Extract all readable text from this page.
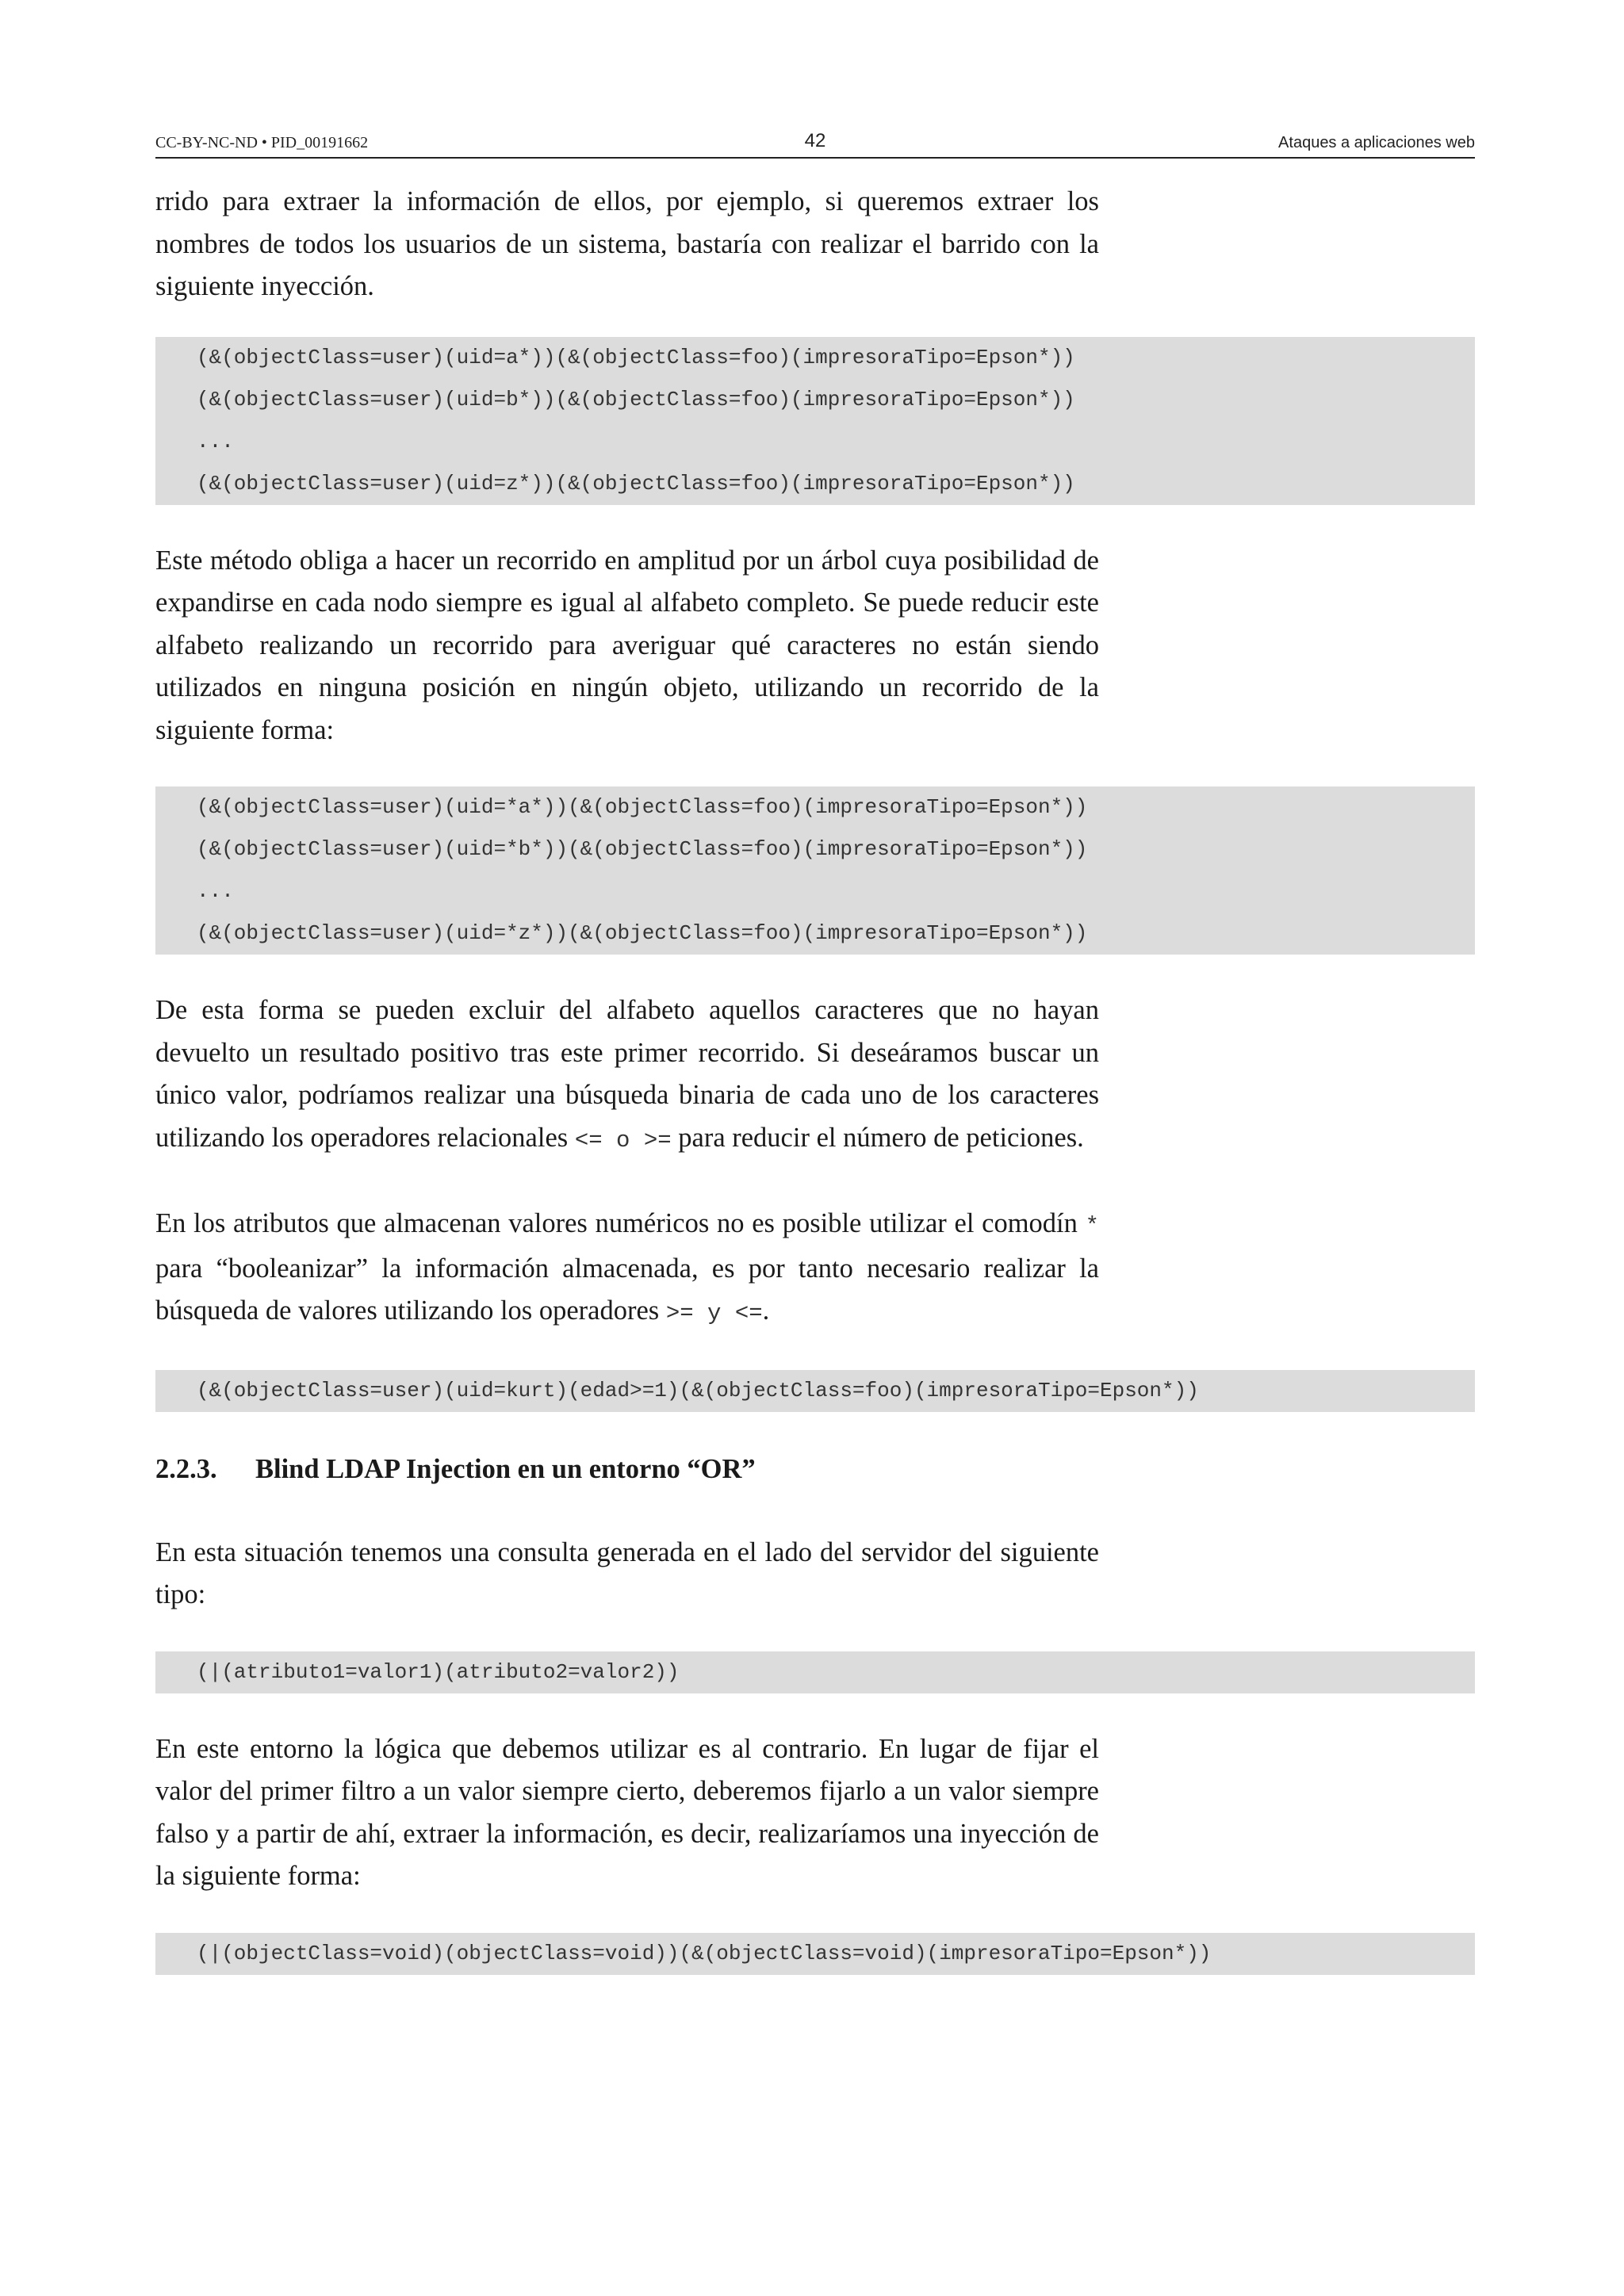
CC-BY-NC-ND • PID_00191662	42	Ataques a aplicaciones web

rrido para extraer la información de ellos, por ejemplo, si queremos extraer los nombres de todos los usuarios de un sistema, bastaría con realizar el barrido con la siguiente inyección.

(&(objectClass=user)(uid=a*))(&(objectClass=foo)(impresoraTipo=Epson*))
(&(objectClass=user)(uid=b*))(&(objectClass=foo)(impresoraTipo=Epson*))
...
(&(objectClass=user)(uid=z*))(&(objectClass=foo)(impresoraTipo=Epson*))

Este método obliga a hacer un recorrido en amplitud por un árbol cuya posibilidad de expandirse en cada nodo siempre es igual al alfabeto completo. Se puede reducir este alfabeto realizando un recorrido para averiguar qué caracteres no están siendo utilizados en ninguna posición en ningún objeto, utilizando un recorrido de la siguiente forma:

(&(objectClass=user)(uid=*a*))(&(objectClass=foo)(impresoraTipo=Epson*))
(&(objectClass=user)(uid=*b*))(&(objectClass=foo)(impresoraTipo=Epson*))
...
(&(objectClass=user)(uid=*z*))(&(objectClass=foo)(impresoraTipo=Epson*))

De esta forma se pueden excluir del alfabeto aquellos caracteres que no hayan devuelto un resultado positivo tras este primer recorrido. Si deseáramos buscar un único valor, podríamos realizar una búsqueda binaria de cada uno de los caracteres utilizando los operadores relacionales <= o >= para reducir el número de peticiones.

En los atributos que almacenan valores numéricos no es posible utilizar el comodín * para “booleanizar” la información almacenada, es por tanto necesario realizar la búsqueda de valores utilizando los operadores >= y <=.

(&(objectClass=user)(uid=kurt)(edad>=1)(&(objectClass=foo)(impresoraTipo=Epson*))
2.2.3. Blind LDAP Injection en un entorno “OR”

En esta situación tenemos una consulta generada en el lado del servidor del siguiente tipo:

(|(atributo1=valor1)(atributo2=valor2))

En este entorno la lógica que debemos utilizar es al contrario. En lugar de fijar el valor del primer filtro a un valor siempre cierto, deberemos fijarlo a un valor siempre falso y a partir de ahí, extraer la información, es decir, realizaríamos una inyección de la siguiente forma:

(|(objectClass=void)(objectClass=void))(&(objectClass=void)(impresoraTipo=Epson*))
